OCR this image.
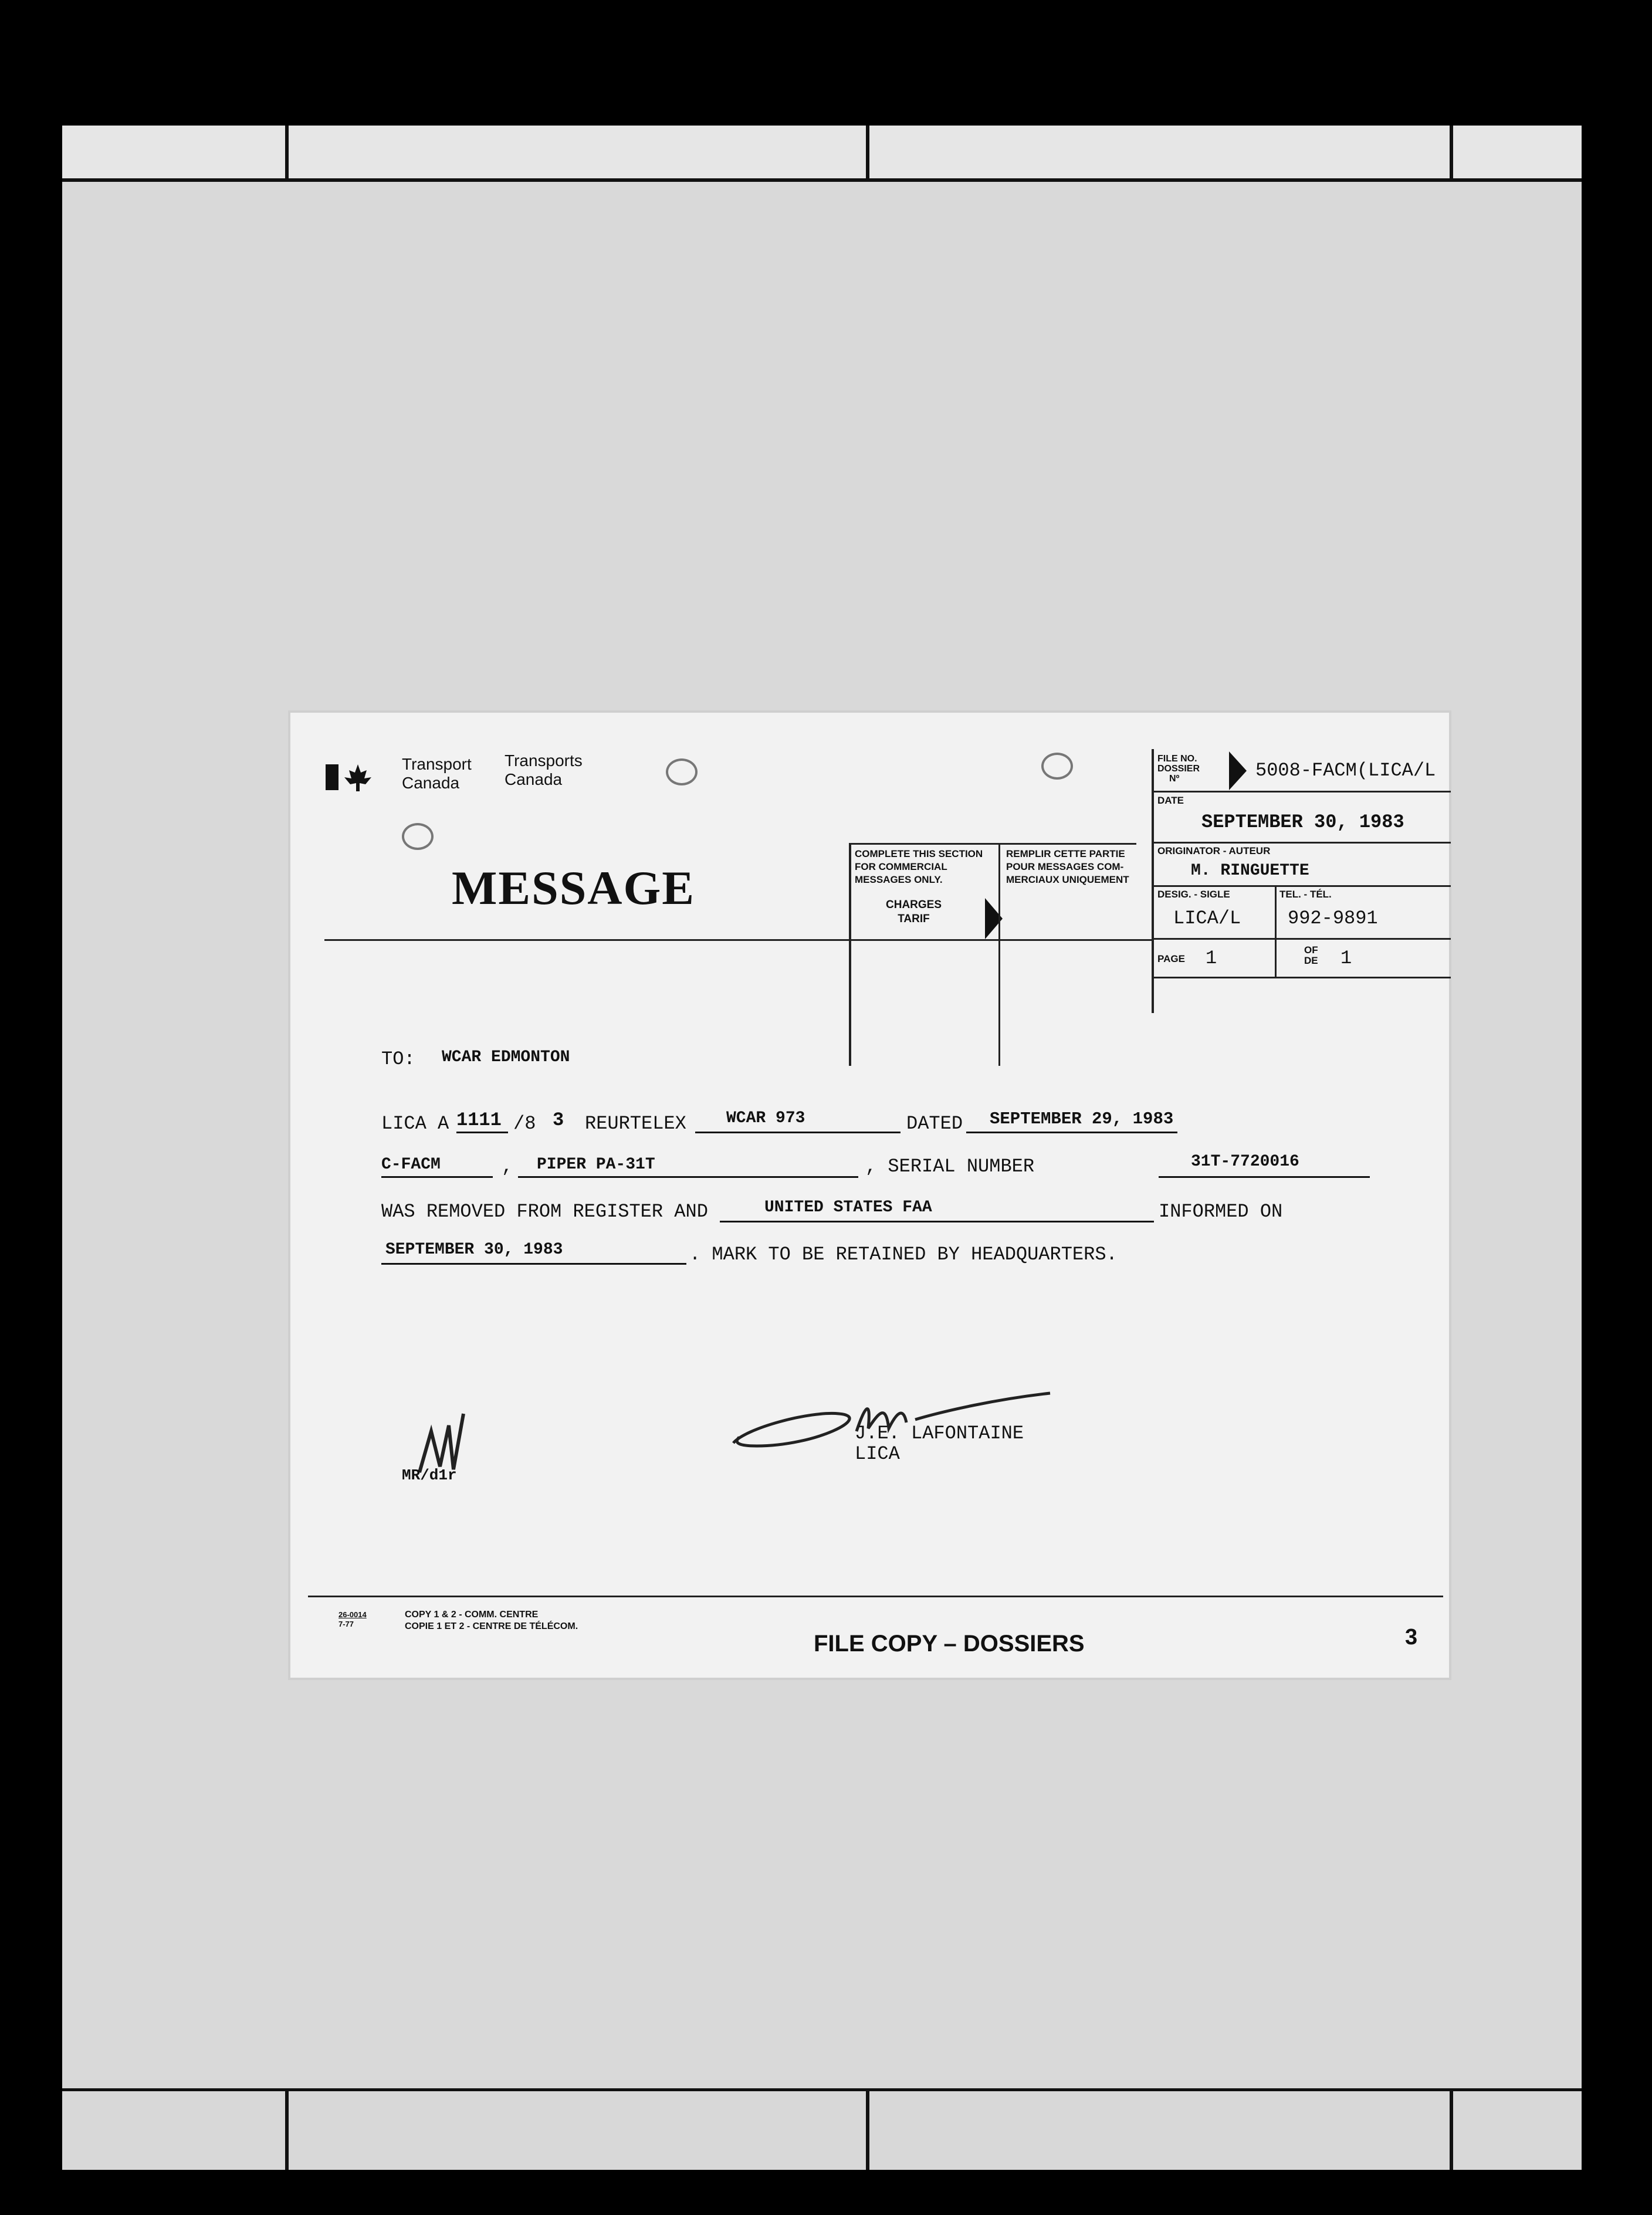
Transport
Canada
Transports
Canada
MESSAGE
COMPLETE THIS SECTION
FOR COMMERCIAL
MESSAGES ONLY.
CHARGES
TARIF
REMPLIR CETTE PARTIE
POUR MESSAGES COM-
MERCIAUX UNIQUEMENT
FILE NO.
DOSSIER
Nº	5008-FACM(LICA/L
DATE
SEPTEMBER 30, 1983
ORIGINATOR - AUTEUR
M. RINGUETTE
DESIG. - SIGLE
LICA/L
TEL. - TÉL.
992-9891
PAGE 1	OF
DE 1
TO: WCAR EDMONTON
LICA A 1111 /8 3 REURTELEX WCAR 973	DATED SEPTEMBER 29, 1983
C-FACM	, PIPER PA-31T	, SERIAL NUMBER	31T-7720016
WAS REMOVED FROM REGISTER AND	UNITED STATES FAA	INFORMED ON
SEPTEMBER 30, 1983	. MARK TO BE RETAINED BY HEADQUARTERS.
J.E. LAFONTAINE
LICA
MR/d1r
26-0014
7-77
COPY 1 & 2 - COMM. CENTRE
COPIE 1 ET 2 - CENTRE DE TÉLÉCOM.
FILE COPY – DOSSIERS	3
